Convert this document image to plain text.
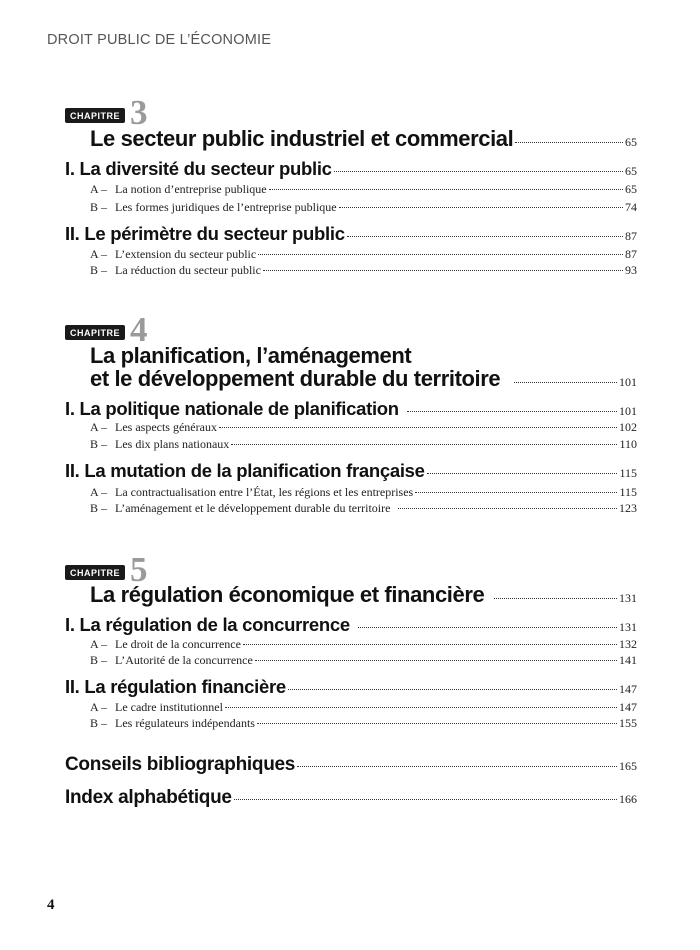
DROIT PUBLIC DE L’ÉCONOMIE
CHAPITRE 3
Le secteur public industriel et commercial	65
I. La diversité du secteur public	65
A – La notion d’entreprise publique	65
B – Les formes juridiques de l’entreprise publique	74
II. Le périmètre du secteur public	87
A – L’extension du secteur public	87
B – La réduction du secteur public	93
CHAPITRE 4
La planification, l’aménagement
et le développement durable du territoire	101
I. La politique nationale de planification	101
A – Les aspects généraux	102
B – Les dix plans nationaux	110
II. La mutation de la planification française	115
A – La contractualisation entre l’État, les régions et les entreprises	115
B – L’aménagement et le développement durable du territoire	123
CHAPITRE 5
La régulation économique et financière	131
I. La régulation de la concurrence	131
A – Le droit de la concurrence	132
B – L’Autorité de la concurrence	141
II. La régulation financière	147
A – Le cadre institutionnel	147
B – Les régulateurs indépendants	155
Conseils bibliographiques	165
Index alphabétique	166
4
